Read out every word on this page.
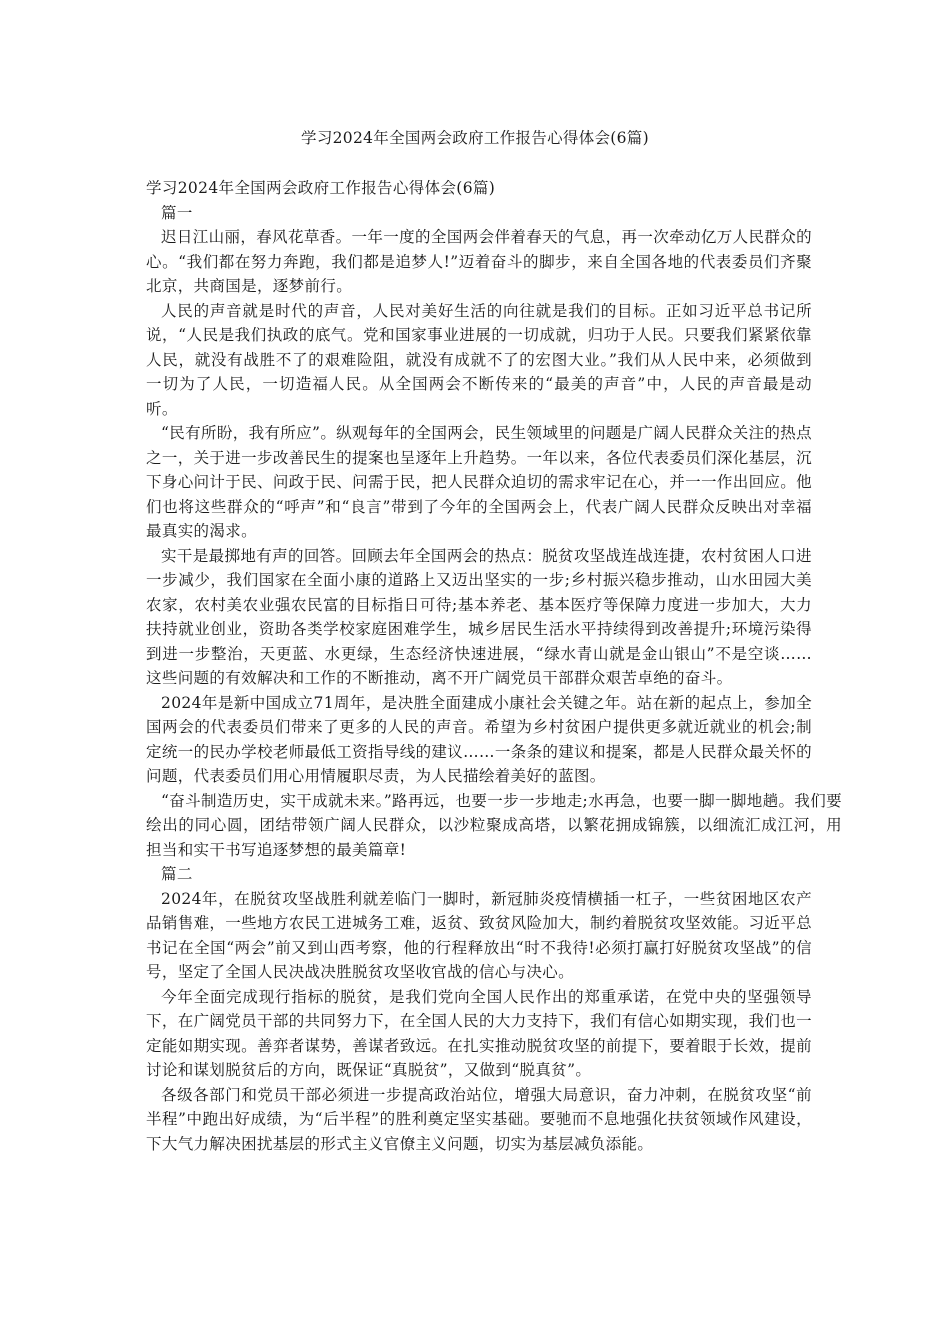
学习2024年全国两会政府工作报告心得体会(6篇)

学习2024年全国两会政府工作报告心得体会(6篇)

篇一

迟日江山丽，春风花草香。一年一度的全国两会伴着春天的气息，再一次牵动亿万人民群众的心。“我们都在努力奔跑，我们都是追梦人!”迈着奋斗的脚步，来自全国各地的代表委员们齐聚北京，共商国是，逐梦前行。

人民的声音就是时代的声音，人民对美好生活的向往就是我们的目标。正如习近平总书记所说，“人民是我们执政的底气。党和国家事业进展的一切成就，归功于人民。只要我们紧紧依靠人民，就没有战胜不了的艰难险阻，就没有成就不了的宏图大业。”我们从人民中来，必须做到一切为了人民，一切造福人民。从全国两会不断传来的“最美的声音”中，人民的声音最是动听。

“民有所盼，我有所应”。纵观每年的全国两会，民生领域里的问题是广阔人民群众关注的热点之一，关于进一步改善民生的提案也呈逐年上升趋势。一年以来，各位代表委员们深化基层，沉下身心问计于民、问政于民、问需于民，把人民群众迫切的需求牢记在心，并一一作出回应。他们也将这些群众的“呼声”和“良言”带到了今年的全国两会上，代表广阔人民群众反映出对幸福最真实的渴求。

实干是最掷地有声的回答。回顾去年全国两会的热点：脱贫攻坚战连战连捷，农村贫困人口进一步减少，我们国家在全面小康的道路上又迈出坚实的一步;乡村振兴稳步推动，山水田园大美农家，农村美农业强农民富的目标指日可待;基本养老、基本医疗等保障力度进一步加大，大力扶持就业创业，资助各类学校家庭困难学生，城乡居民生活水平持续得到改善提升;环境污染得到进一步整治，天更蓝、水更绿，生态经济快速进展，“绿水青山就是金山银山”不是空谈……这些问题的有效解决和工作的不断推动，离不开广阔党员干部群众艰苦卓绝的奋斗。

2024年是新中国成立71周年，是决胜全面建成小康社会关键之年。站在新的起点上，参加全国两会的代表委员们带来了更多的人民的声音。希望为乡村贫困户提供更多就近就业的机会;制定统一的民办学校老师最低工资指导线的建议……一条条的建议和提案，都是人民群众最关怀的问题，代表委员们用心用情履职尽责，为人民描绘着美好的蓝图。

“奋斗制造历史，实干成就未来。”路再远，也要一步一步地走;水再急，也要一脚一脚地趟。我们要绘出的同心圆，团结带领广阔人民群众，以沙粒聚成高塔，以繁花拥成锦簇，以细流汇成江河，用担当和实干书写追逐梦想的最美篇章!

篇二

2024年，在脱贫攻坚战胜利就差临门一脚时，新冠肺炎疫情横插一杠子，一些贫困地区农产品销售难，一些地方农民工进城务工难，返贫、致贫风险加大，制约着脱贫攻坚效能。习近平总书记在全国“两会”前又到山西考察，他的行程释放出“时不我待!必须打赢打好脱贫攻坚战”的信号，坚定了全国人民决战决胜脱贫攻坚收官战的信心与决心。

今年全面完成现行指标的脱贫，是我们党向全国人民作出的郑重承诺，在党中央的坚强领导下，在广阔党员干部的共同努力下，在全国人民的大力支持下，我们有信心如期实现，我们也一定能如期实现。善弈者谋势，善谋者致远。在扎实推动脱贫攻坚的前提下，要着眼于长效，提前讨论和谋划脱贫后的方向，既保证“真脱贫”，又做到“脱真贫”。

各级各部门和党员干部必须进一步提高政治站位，增强大局意识，奋力冲刺，在脱贫攻坚“前半程”中跑出好成绩，为“后半程”的胜利奠定坚实基础。要驰而不息地强化扶贫领域作风建设，下大气力解决困扰基层的形式主义官僚主义问题，切实为基层减负添能。
